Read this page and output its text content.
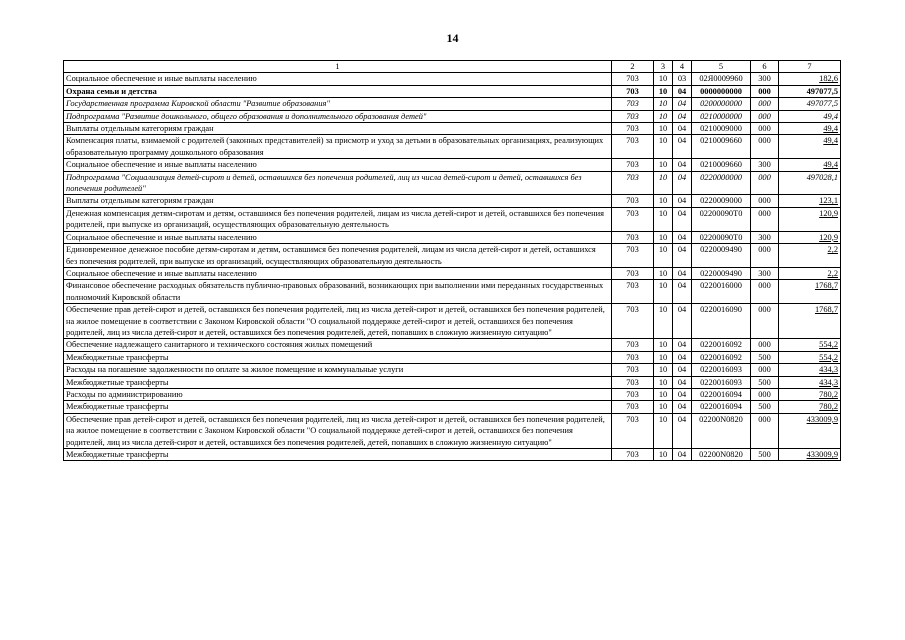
14
1	2	3	4	5	6	7
Социальное обеспечение и иные выплаты населению	703	10	03	02Я0009960	300	182,6
Охрана семьи и детства	703	10	04	0000000000	000	497077,5
Государственная программа Кировской области "Развитие образования"	703	10	04	0200000000	000	497077,5
Подпрограмма "Развитие дошкольного, общего образования и дополнительного образования детей"	703	10	04	0210000000	000	49,4
Выплаты отдельным категориям граждан	703	10	04	0210009000	000	49,4
Компенсация платы, взимаемой с родителей (законных представителей) за присмотр и уход за детьми в образовательных организациях, реализующих образовательную программу дошкольного образования	703	10	04	0210009660	000	49,4
Социальное обеспечение и иные выплаты населению	703	10	04	0210009660	300	49,4
Подпрограмма "Социализация детей-сирот и детей, оставшихся без попечения родителей, лиц из числа детей-сирот и детей, оставшихся без попечения родителей"	703	10	04	0220000000	000	497028,1
Выплаты отдельным категориям граждан	703	10	04	0220009000	000	123,1
Денежная компенсация детям-сиротам и детям, оставшимся без попечения родителей, лицам из числа детей-сирот и детей, оставшихся без попечения родителей, при выпуске из организаций, осуществляющих образовательную деятельность	703	10	04	02200090Т0	000	120,9
Социальное обеспечение и иные выплаты населению	703	10	04	02200090Т0	300	120,9
Единовременное денежное пособие детям-сиротам и детям, оставшимся без попечения родителей, лицам из числа детей-сирот и детей, оставшихся без попечения родителей, при выпуске из организаций, осуществляющих образовательную деятельность	703	10	04	0220009490	000	2,2
Социальное обеспечение и иные выплаты населению	703	10	04	0220009490	300	2,2
Финансовое обеспечение расходных обязательств публично-правовых образований, возникающих при выполнении ими переданных государственных полномочий Кировской области	703	10	04	0220016000	000	1768,7
Обеспечение прав детей-сирот и детей, оставшихся без попечения родителей, лиц из числа детей-сирот и детей, оставшихся без попечения родителей, на жилое помещение в соответствии с Законом Кировской области "О социальной поддержке детей-сирот и детей, оставшихся без попечения родителей, лиц из числа детей-сирот и детей, оставшихся без попечения родителей, детей, попавших в сложную жизненную ситуацию"	703	10	04	0220016090	000	1768,7
Обеспечение надлежащего санитарного и технического состояния жилых помещений	703	10	04	0220016092	000	554,2
Межбюджетные трансферты	703	10	04	0220016092	500	554,2
Расходы на погашение задолженности по оплате за жилое помещение и коммунальные услуги	703	10	04	0220016093	000	434,3
Межбюджетные трансферты	703	10	04	0220016093	500	434,3
Расходы по администрированию	703	10	04	0220016094	000	780,2
Межбюджетные трансферты	703	10	04	0220016094	500	780,2
Обеспечение прав детей-сирот и детей, оставшихся без попечения родителей, лиц из числа детей-сирот и детей, оставшихся без попечения родителей, на жилое помещение в соответствии с Законом Кировской области "О социальной поддержке детей-сирот и детей, оставшихся без попечения родителей, лиц из числа детей-сирот и детей, оставшихся без попечения родителей, детей, попавших в сложную жизненную ситуацию"	703	10	04	02200N0820	000	433009,9
Межбюджетные трансферты	703	10	04	02200N0820	500	433009,9
